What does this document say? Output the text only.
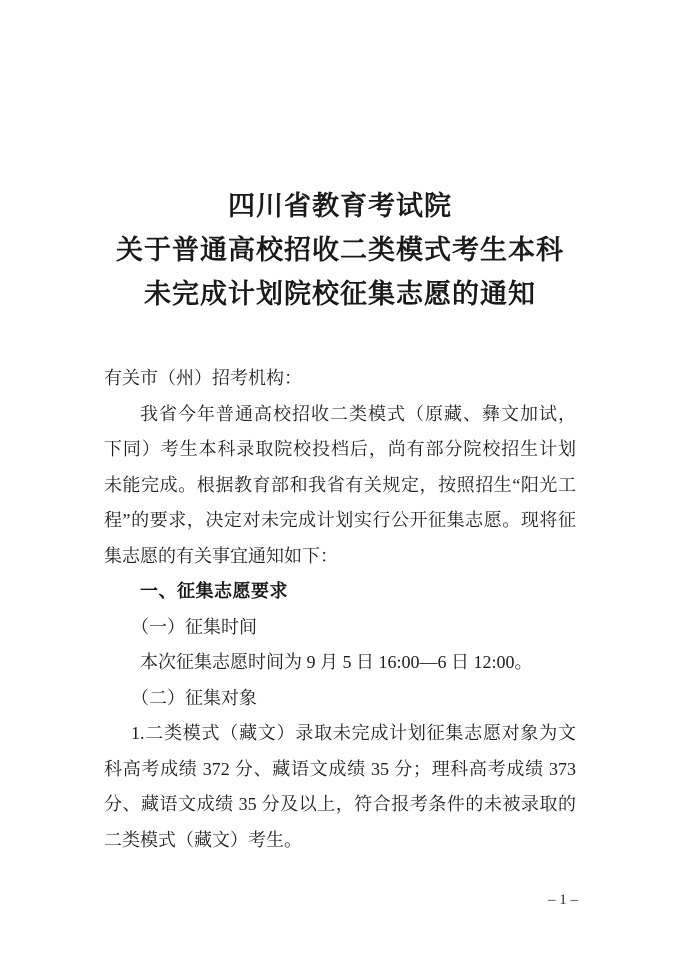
四川省教育考试院
关于普通高校招收二类模式考生本科
未完成计划院校征集志愿的通知
有关市（州）招考机构：
我省今年普通高校招收二类模式（原藏、彝文加试，
下同）考生本科录取院校投档后，尚有部分院校招生计划
未能完成。根据教育部和我省有关规定，按照招生“阳光工
程”的要求，决定对未完成计划实行公开征集志愿。现将征
集志愿的有关事宜通知如下：
一、征集志愿要求
（一）征集时间
本次征集志愿时间为 9 月 5 日 16:00—6 日 12:00。
（二）征集对象
1.二类模式（藏文）录取未完成计划征集志愿对象为文
科高考成绩 372 分、藏语文成绩 35 分；理科高考成绩 373
分、藏语文成绩 35 分及以上，符合报考条件的未被录取的
二类模式（藏文）考生。
– 1 –
